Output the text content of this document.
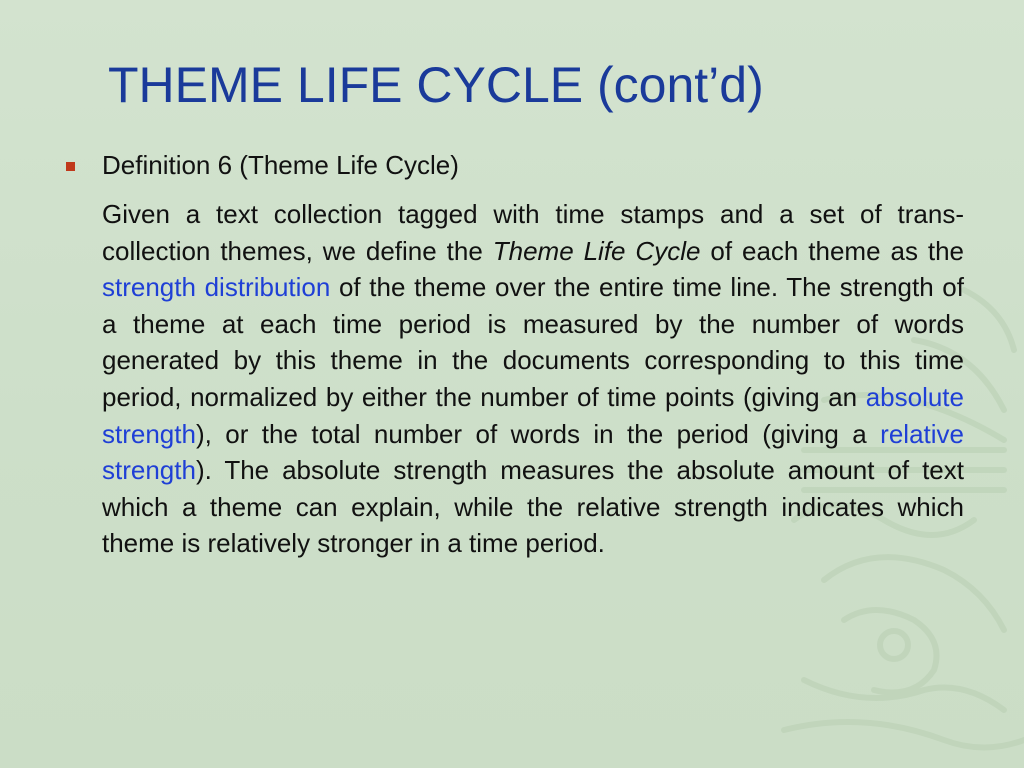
THEME LIFE CYCLE (cont’d)
Definition 6 (Theme Life Cycle)
Given a text collection tagged with time stamps and a set of trans-collection themes, we define the Theme Life Cycle of each theme as the strength distribution of the theme over the entire time line. The strength of a theme at each time period is measured by the number of words generated by this theme in the documents corresponding to this time period, normalized by either the number of time points (giving an absolute strength), or the total number of words in the period (giving a relative strength). The absolute strength measures the absolute amount of text which a theme can explain, while the relative strength indicates which theme is relatively stronger in a time period.
